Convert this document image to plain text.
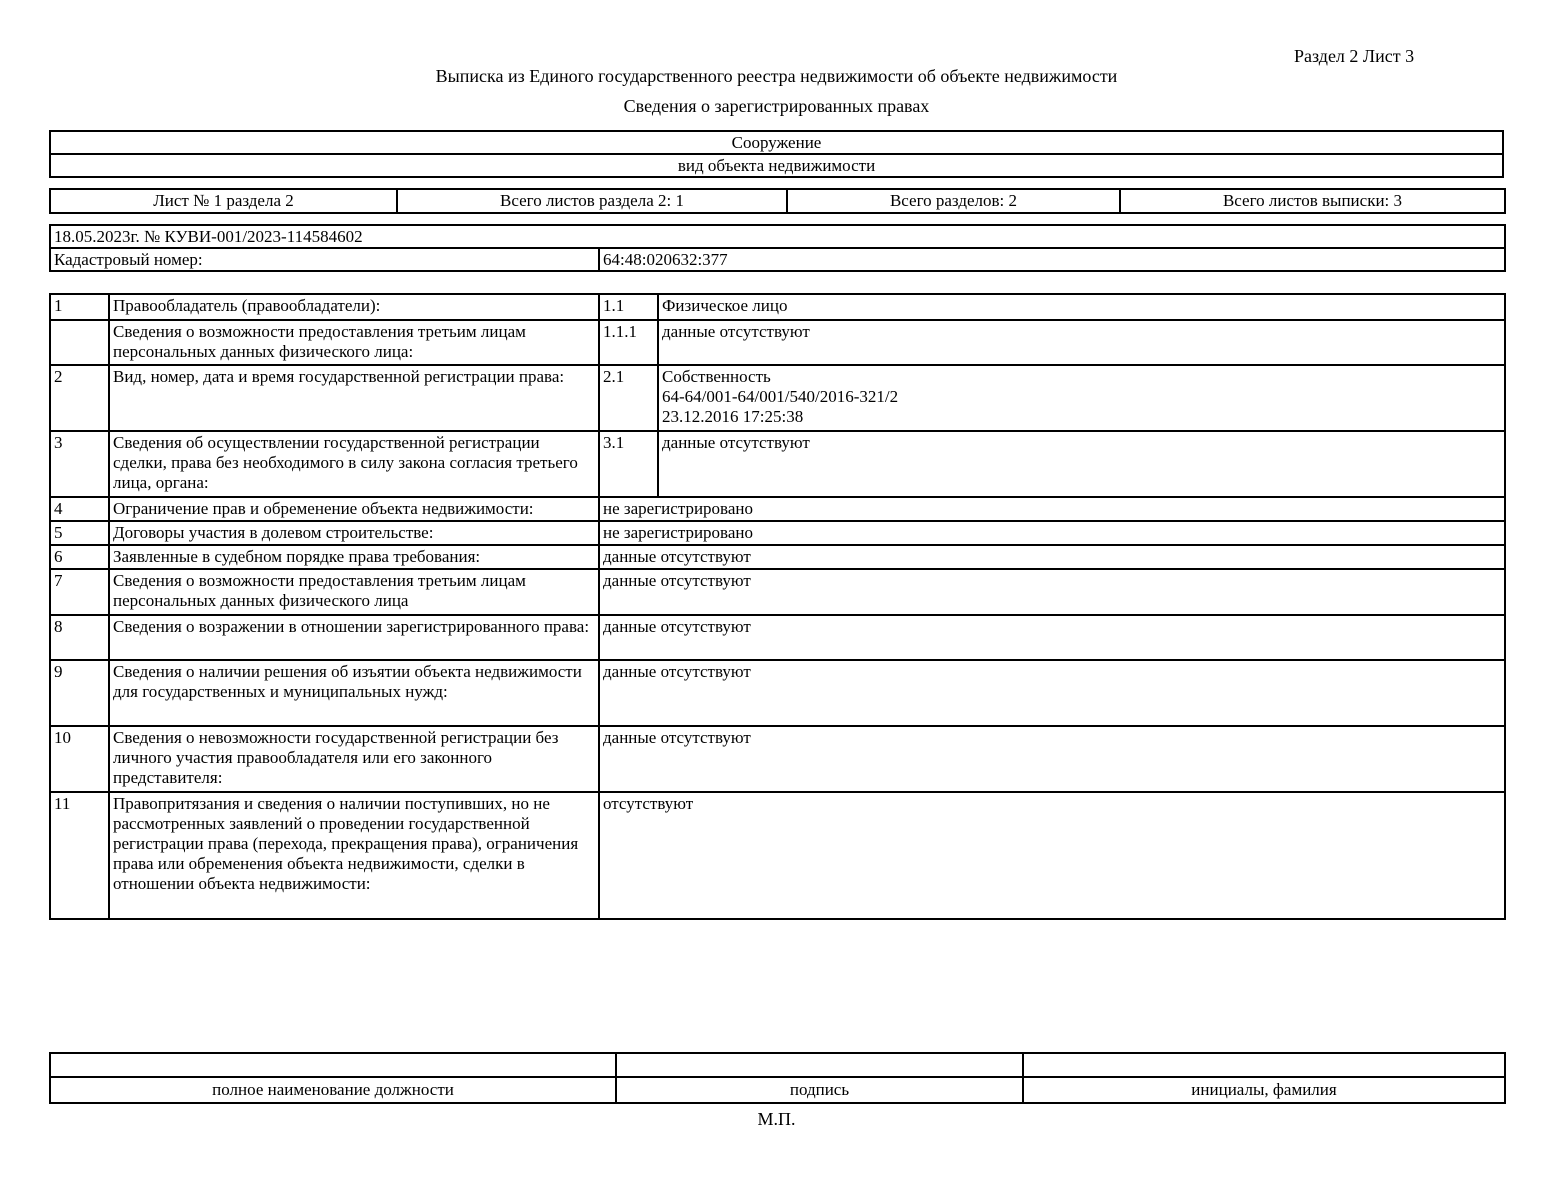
Раздел 2 Лист 3
Выписка из Единого государственного реестра недвижимости об объекте недвижимости
Сведения о зарегистрированных правах
Сооружение
вид объекта недвижимости
Лист № 1 раздела 2	Всего листов раздела 2: 1	Всего разделов: 2	Всего листов выписки: 3
18.05.2023г. № КУВИ-001/2023-114584602
Кадастровый номер:	64:48:020632:377
1	Правообладатель (правообладатели):	1.1	Физическое лицо
	Сведения о возможности предоставления третьим лицам персональных данных физического лица:	1.1.1	данные отсутствуют
2	Вид, номер, дата и время государственной регистрации права:	2.1	Собственность
64-64/001-64/001/540/2016-321/2
23.12.2016 17:25:38

3	Сведения об осуществлении государственной регистрации сделки, права без необходимого в силу закона согласия третьего лица, органа:	3.1	данные отсутствуют
4	Ограничение прав и обременение объекта недвижимости:	не зарегистрировано	
5	Договоры участия в долевом строительстве:	не зарегистрировано	
6	Заявленные в судебном порядке права требования:	данные отсутствуют	
7	Сведения о возможности предоставления третьим лицам персональных данных физического лица	данные отсутствуют	
8	Сведения о возражении в отношении зарегистрированного права:	данные отсутствуют	
9	Сведения о наличии решения об изъятии объекта недвижимости для государственных и муниципальных нужд:	данные отсутствуют	
10	Сведения о невозможности государственной регистрации без личного участия правообладателя или его законного представителя:	данные отсутствуют	
11	Правопритязания и сведения о наличии поступивших, но не рассмотренных заявлений о проведении государственной регистрации права (перехода, прекращения права), ограничения права или обременения объекта недвижимости, сделки в отношении объекта недвижимости:	отсутствуют	

полное наименование должности	подпись	инициалы, фамилия
М.П.
